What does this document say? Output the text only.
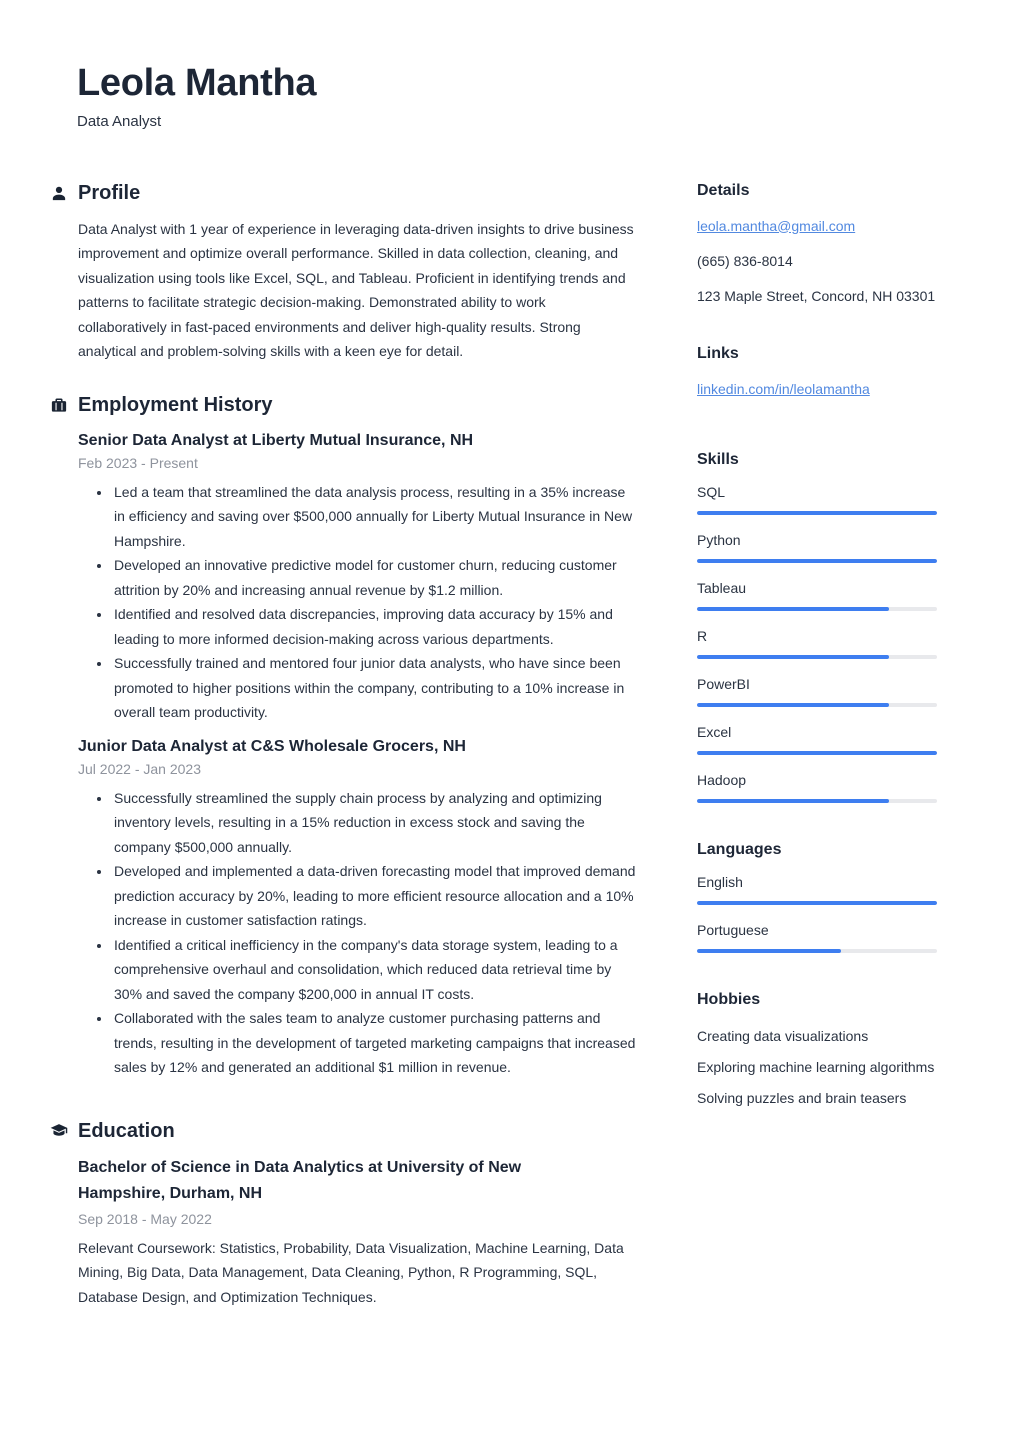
Leola Mantha
Data Analyst
Profile

Data Analyst with 1 year of experience in leveraging data-driven insights to drive business improvement and optimize overall performance. Skilled in data collection, cleaning, and visualization using tools like Excel, SQL, and Tableau. Proficient in identifying trends and patterns to facilitate strategic decision-making. Demonstrated ability to work collaboratively in fast-paced environments and deliver high-quality results. Strong analytical and problem-solving skills with a keen eye for detail.

Employment History
Senior Data Analyst at Liberty Mutual Insurance, NH
Feb 2023 - Present
• Led a team that streamlined the data analysis process, resulting in a 35% increase in efficiency and saving over $500,000 annually for Liberty Mutual Insurance in New Hampshire.
• Developed an innovative predictive model for customer churn, reducing customer attrition by 20% and increasing annual revenue by $1.2 million.
• Identified and resolved data discrepancies, improving data accuracy by 15% and leading to more informed decision-making across various departments.
• Successfully trained and mentored four junior data analysts, who have since been promoted to higher positions within the company, contributing to a 10% increase in overall team productivity.
Junior Data Analyst at C&S Wholesale Grocers, NH
Jul 2022 - Jan 2023
• Successfully streamlined the supply chain process by analyzing and optimizing inventory levels, resulting in a 15% reduction in excess stock and saving the company $500,000 annually.
• Developed and implemented a data-driven forecasting model that improved demand prediction accuracy by 20%, leading to more efficient resource allocation and a 10% increase in customer satisfaction ratings.
• Identified a critical inefficiency in the company's data storage system, leading to a comprehensive overhaul and consolidation, which reduced data retrieval time by 30% and saved the company $200,000 in annual IT costs.
• Collaborated with the sales team to analyze customer purchasing patterns and trends, resulting in the development of targeted marketing campaigns that increased sales by 12% and generated an additional $1 million in revenue.
Education
Bachelor of Science in Data Analytics at University of New Hampshire, Durham, NH
Sep 2018 - May 2022

Relevant Coursework: Statistics, Probability, Data Visualization, Machine Learning, Data Mining, Big Data, Data Management, Data Cleaning, Python, R Programming, SQL, Database Design, and Optimization Techniques.

Details
leola.mantha@gmail.com
(665) 836-8014
123 Maple Street, Concord, NH 03301
Links
linkedin.com/in/leolamantha
Skills
SQL
Python
Tableau
R
PowerBI
Excel
Hadoop
Languages
English
Portuguese
Hobbies
Creating data visualizations
Exploring machine learning algorithms
Solving puzzles and brain teasers
